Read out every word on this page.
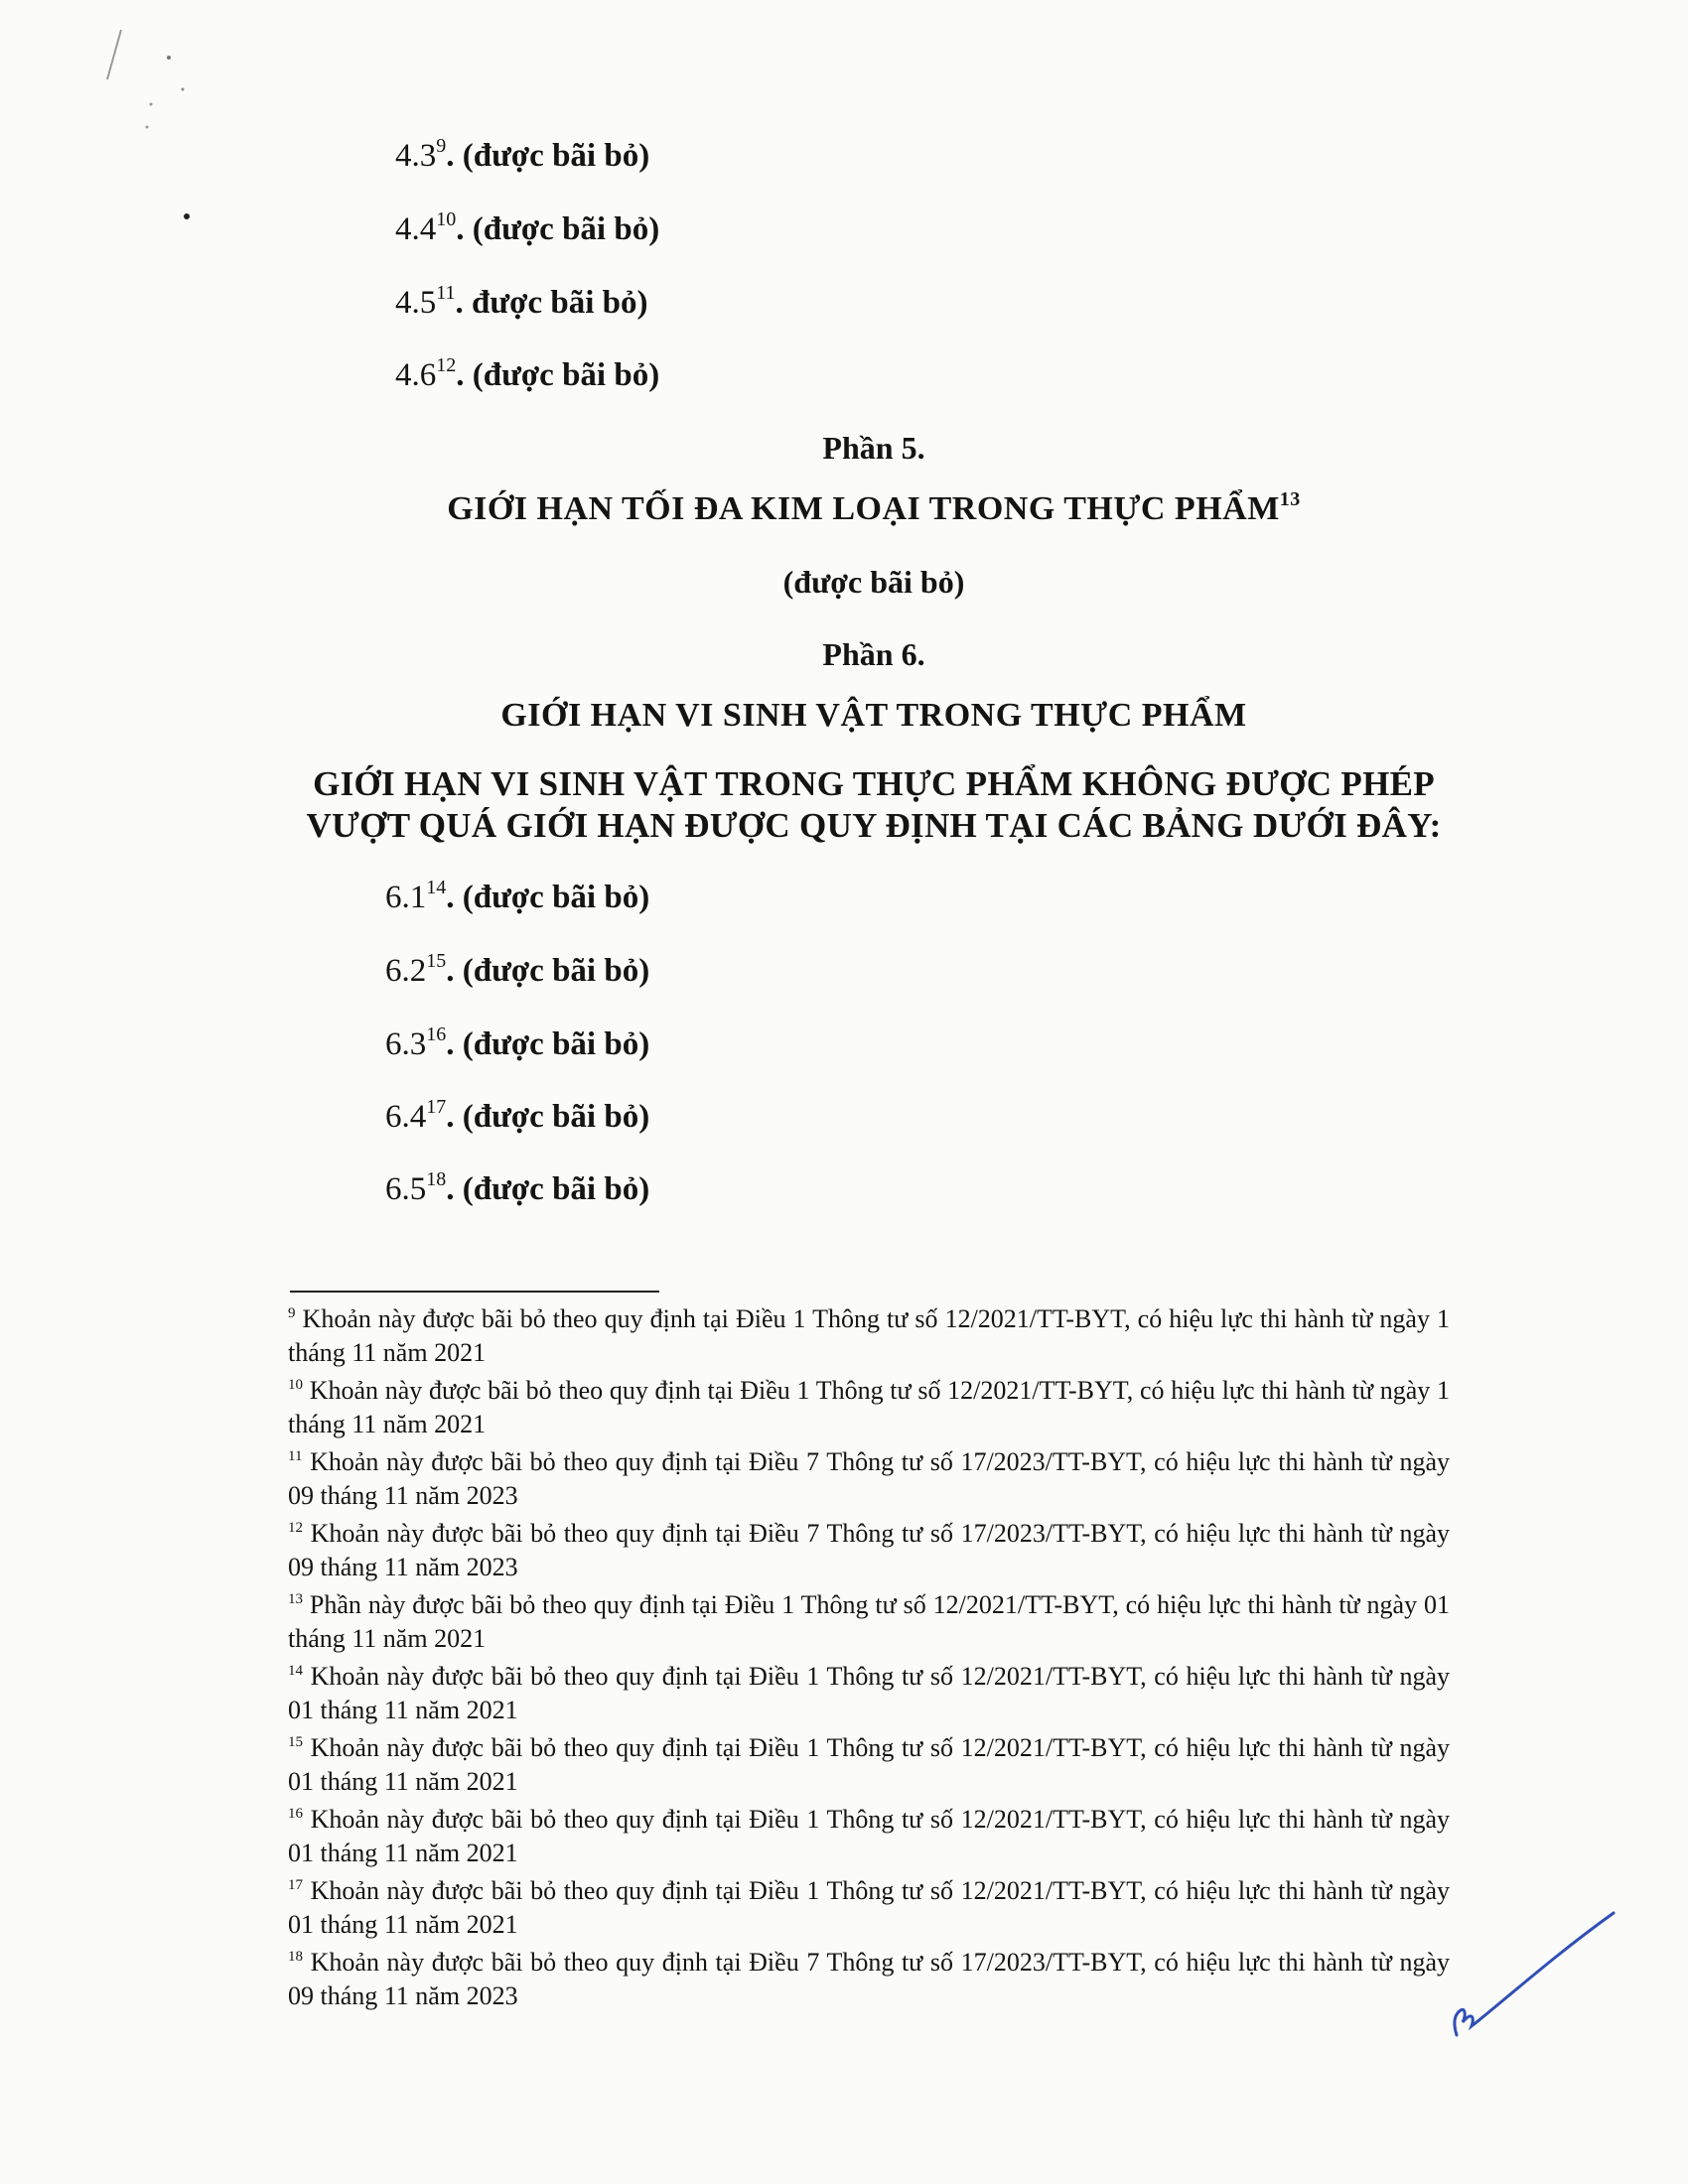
$4.3^9$. (được bãi bỏ)
$4.4^{10}$. (được bãi bỏ)
$4.5^{11}$. được bãi bỏ)
$4.6^{12}$. (được bãi bỏ)
Phần 5.
GIỚI HẠN TỐI ĐA KIM LOẠI TRONG THỰC PHẨM$^{13}$
(được bãi bỏ)
Phần 6.
GIỚI HẠN VI SINH VẬT TRONG THỰC PHẨM
GIỚI HẠN VI SINH VẬT TRONG THỰC PHẨM KHÔNG ĐƯỢC PHÉP
VƯỢT QUÁ GIỚI HẠN ĐƯỢC QUY ĐỊNH TẠI CÁC BẢNG DƯỚI ĐÂY:
$6.1^{14}$. (được bãi bỏ)
$6.2^{15}$. (được bãi bỏ)
$6.3^{16}$. (được bãi bỏ)
$6.4^{17}$. (được bãi bỏ)
$6.5^{18}$. (được bãi bỏ)

$^9$ Khoản này được bãi bỏ theo quy định tại Điều 1 Thông tư số 12/2021/TT-BYT, có hiệu lực thi hành từ ngày 1 tháng 11 năm 2021

$^{10}$ Khoản này được bãi bỏ theo quy định tại Điều 1 Thông tư số 12/2021/TT-BYT, có hiệu lực thi hành từ ngày 1 tháng 11 năm 2021

$^{11}$ Khoản này được bãi bỏ theo quy định tại Điều 7 Thông tư số 17/2023/TT-BYT, có hiệu lực thi hành từ ngày 09 tháng 11 năm 2023

$^{12}$ Khoản này được bãi bỏ theo quy định tại Điều 7 Thông tư số 17/2023/TT-BYT, có hiệu lực thi hành từ ngày 09 tháng 11 năm 2023

$^{13}$ Phần này được bãi bỏ theo quy định tại Điều 1 Thông tư số 12/2021/TT-BYT, có hiệu lực thi hành từ ngày 01 tháng 11 năm 2021

$^{14}$ Khoản này được bãi bỏ theo quy định tại Điều 1 Thông tư số 12/2021/TT-BYT, có hiệu lực thi hành từ ngày 01 tháng 11 năm 2021

$^{15}$ Khoản này được bãi bỏ theo quy định tại Điều 1 Thông tư số 12/2021/TT-BYT, có hiệu lực thi hành từ ngày 01 tháng 11 năm 2021

$^{16}$ Khoản này được bãi bỏ theo quy định tại Điều 1 Thông tư số 12/2021/TT-BYT, có hiệu lực thi hành từ ngày 01 tháng 11 năm 2021

$^{17}$ Khoản này được bãi bỏ theo quy định tại Điều 1 Thông tư số 12/2021/TT-BYT, có hiệu lực thi hành từ ngày 01 tháng 11 năm 2021

$^{18}$ Khoản này được bãi bỏ theo quy định tại Điều 7 Thông tư số 17/2023/TT-BYT, có hiệu lực thi hành từ ngày 09 tháng 11 năm 2023
